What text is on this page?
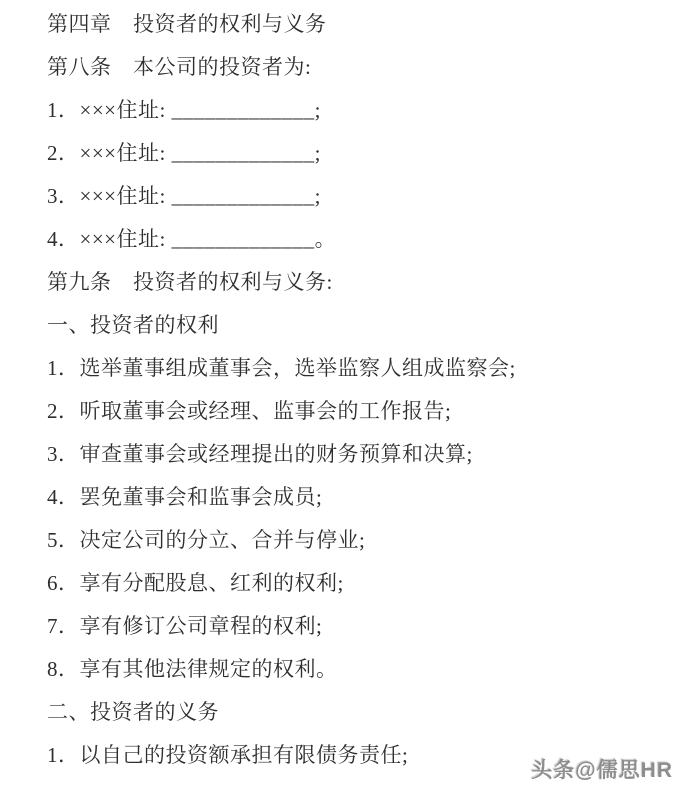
第四章　投资者的权利与义务

第八条　本公司的投资者为:

1．×××住址: _____________;

2．×××住址: _____________;

3．×××住址: _____________;

4．×××住址: _____________。

第九条　投资者的权利与义务:

一、投资者的权利

1．选举董事组成董事会，选举监察人组成监察会;

2．听取董事会或经理、监事会的工作报告;

3．审查董事会或经理提出的财务预算和决算;

4．罢免董事会和监事会成员;

5．决定公司的分立、合并与停业;

6．享有分配股息、红利的权利;

7．享有修订公司章程的权利;

8．享有其他法律规定的权利。

二、投资者的义务

1．以自己的投资额承担有限债务责任;

头条@儒思HR
